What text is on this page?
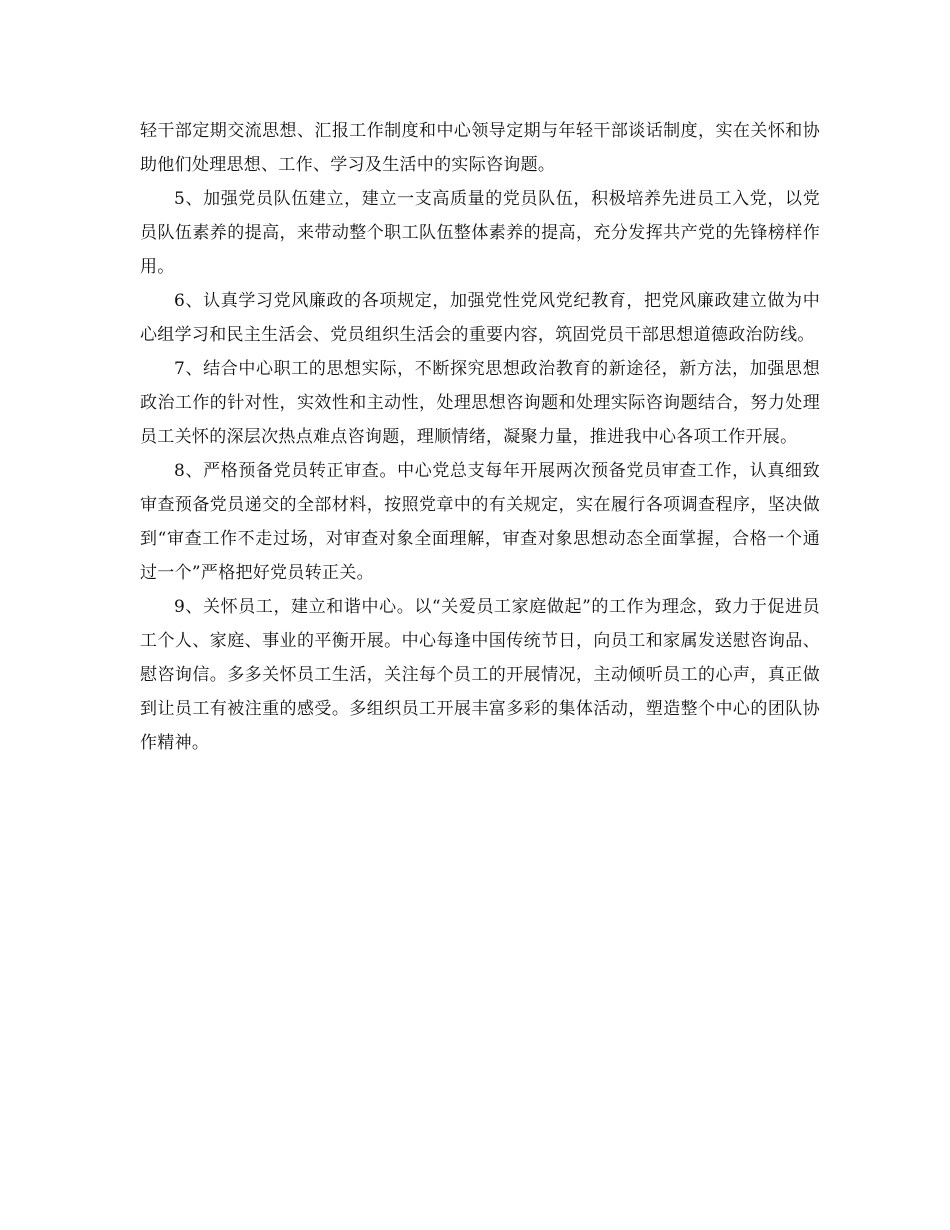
轻干部定期交流思想、汇报工作制度和中心领导定期与年轻干部谈话制度，实在关怀和协助他们处理思想、工作、学习及生活中的实际咨询题。

5、加强党员队伍建立，建立一支高质量的党员队伍，积极培养先进员工入党，以党员队伍素养的提高，来带动整个职工队伍整体素养的提高，充分发挥共产党的先锋榜样作用。

6、认真学习党风廉政的各项规定，加强党性党风党纪教育，把党风廉政建立做为中心组学习和民主生活会、党员组织生活会的重要内容，筑固党员干部思想道德政治防线。

7、结合中心职工的思想实际，不断探究思想政治教育的新途径，新方法，加强思想政治工作的针对性，实效性和主动性，处理思想咨询题和处理实际咨询题结合，努力处理员工关怀的深层次热点难点咨询题，理顺情绪，凝聚力量，推进我中心各项工作开展。

8、严格预备党员转正审查。中心党总支每年开展两次预备党员审查工作，认真细致审查预备党员递交的全部材料，按照党章中的有关规定，实在履行各项调查程序，坚决做到“审查工作不走过场，对审查对象全面理解，审查对象思想动态全面掌握，合格一个通过一个”严格把好党员转正关。

9、关怀员工，建立和谐中心。以“关爱员工家庭做起”的工作为理念，致力于促进员工个人、家庭、事业的平衡开展。中心每逢中国传统节日，向员工和家属发送慰咨询品、慰咨询信。多多关怀员工生活，关注每个员工的开展情况，主动倾听员工的心声，真正做到让员工有被注重的感受。多组织员工开展丰富多彩的集体活动，塑造整个中心的团队协作精神。
